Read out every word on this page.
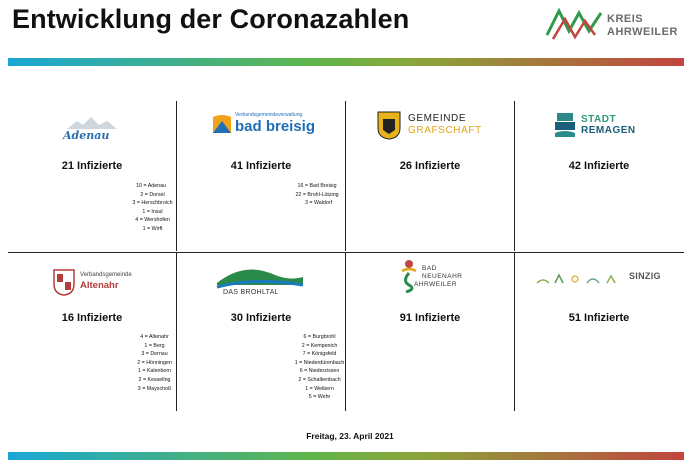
Entwicklung der Coronazahlen	KREIS
AHRWEILER
Adenau
21 Infizierte
10 = Adenau
2 = Dorsel
3 = Herschbroich
1 = Insul
4 = Wershofen
1 = Wirft
Verbandsgemeindeverwaltung
bad breisig
41 Infizierte
16 = Bad Breisig
22 = Brohl-Lützing
3 = Waldorf
GEMEINDE
GRAFSCHAFT
26 Infizierte
STADT
REMAGEN
42 Infizierte
Verbandsgemeinde
Altenahr
16 Infizierte
4 = Altenahr
1 = Berg
3 = Dernau
2 = Hönningen
1 = Kalenborn
2 = Kesseling
3 = Mayschoß
DAS BROHLTAL
30 Infizierte
6 = Burgbrohl
2 = Kempenich
7 = Königsfeld
1 = Niederdürenbach
6 = Niederzissen
2 = Schalkenbach
1 = Weibern
5 = Wehr
BAD
NEUENAHR
AHRWEILER
91 Infizierte
SINZIG
51 Infizierte
Freitag, 23. April 2021
